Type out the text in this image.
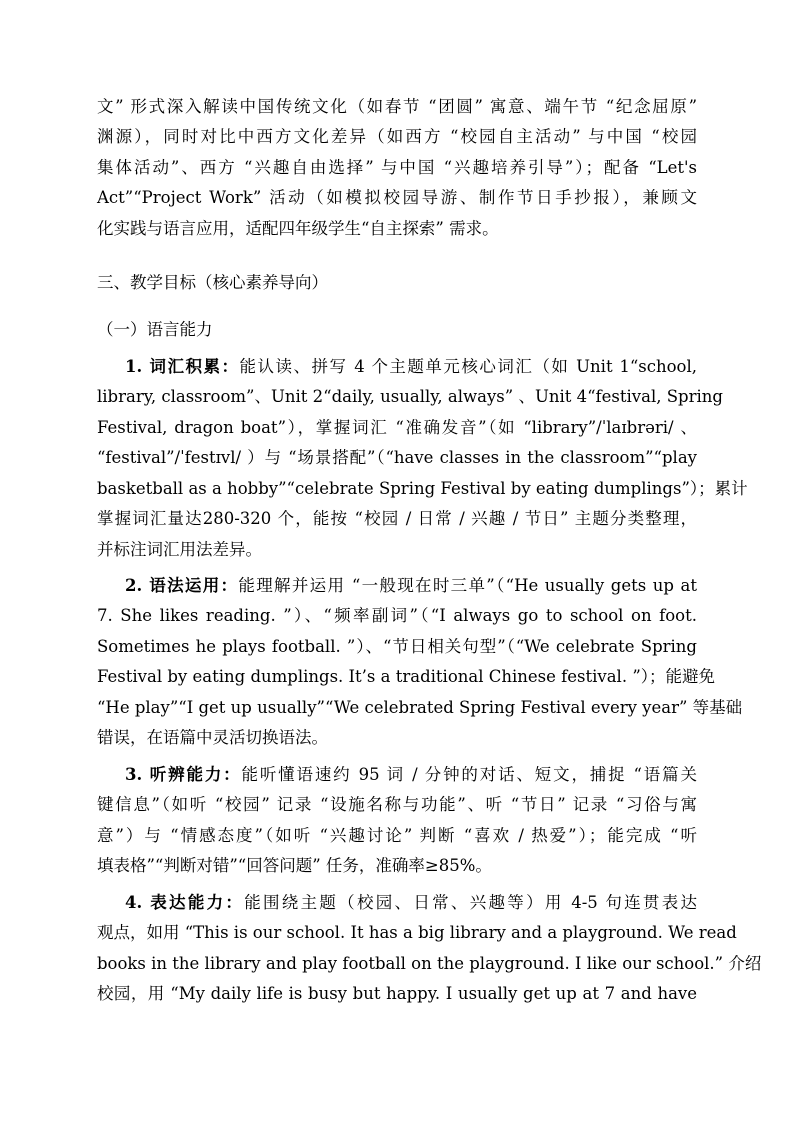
文” 形式深入解读中国传统文化（如春节 “团圆” 寓意、端午节 “纪念屈原”
渊源），同时对比中西方文化差异（如西方 “校园自主活动” 与中国 “校园
集体活动”、西方 “兴趣自由选择” 与中国 “兴趣培养引导”）；配备 “Let's
Act”“Project Work” 活动（如模拟校园导游、制作节日手抄报），兼顾文
化实践与语言应用，适配四年级学生“自主探索” 需求。
三、教学目标（核心素养导向）
（一）语言能力
1. 词汇积累：能认读、拼写 4 个主题单元核心词汇（如 Unit 1“school,
library, classroom”、Unit 2“daily, usually, always” 、Unit 4“festival, Spring
Festival, dragon boat”），掌握词汇 “准确发音”（如 “library”/ˈlaɪbrəri/ 、
“festival”/ˈfestɪvl/ ）与 “场景搭配”（“have classes in the classroom”“play
basketball as a hobby”“celebrate Spring Festival by eating dumplings”）；累计
掌握词汇量达280-320 个，能按 “校园 / 日常 / 兴趣 / 节日” 主题分类整理，
并标注词汇用法差异。
2. 语法运用：能理解并运用 “一般现在时三单”（“He usually gets up at
7. She likes reading. ”）、“频率副词”（“I always go to school on foot.
Sometimes he plays football. ”）、“节日相关句型”（“We celebrate Spring
Festival by eating dumplings. It’s a traditional Chinese festival. ”）；能避免
“He play”“I get up usually”“We celebrated Spring Festival every year” 等基础
错误，在语篇中灵活切换语法。
3. 听辨能力：能听懂语速约 95 词 / 分钟的对话、短文，捕捉 “语篇关
键信息”（如听 “校园” 记录 “设施名称与功能”、听 “节日” 记录 “习俗与寓
意”）与 “情感态度”（如听 “兴趣讨论” 判断 “喜欢 / 热爱”）；能完成 “听
填表格”“判断对错”“回答问题” 任务，准确率≥85%。
4. 表达能力：能围绕主题（校园、日常、兴趣等）用 4-5 句连贯表达
观点，如用 “This is our school. It has a big library and a playground. We read
books in the library and play football on the playground. I like our school.” 介绍
校园，用 “My daily life is busy but happy. I usually get up at 7 and have
